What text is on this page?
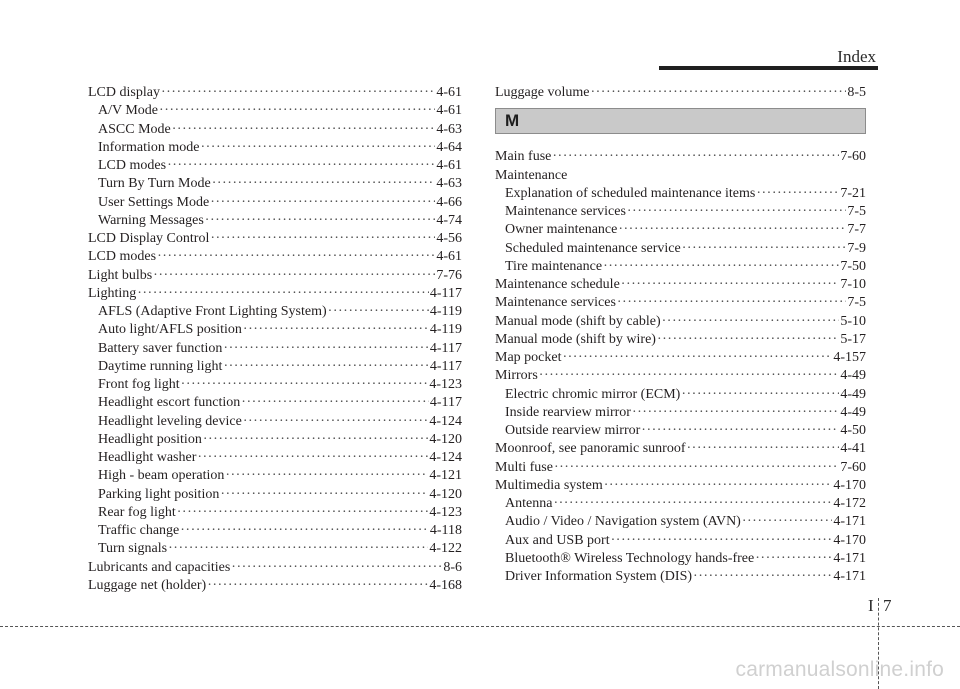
Index
LCD display ·····	4-61
A/V Mode ·····	4-61
ASCC Mode ·····	4-63
Information mode ·····	4-64
LCD modes ·····	4-61
Turn By Turn Mode ·····	4-63
User Settings Mode ·····	4-66
Warning Messages ·····	4-74
LCD Display Control ·····	4-56
LCD modes ·····	4-61
Light bulbs ·····	7-76
Lighting ·····	4-117
AFLS (Adaptive Front Lighting System) ·····	4-119
Auto light/AFLS position ·····	4-119
Battery saver function ·····	4-117
Daytime running light ·····	4-117
Front fog light ·····	4-123
Headlight escort function ·····	4-117
Headlight leveling device ·····	4-124
Headlight position ·····	4-120
Headlight washer ·····	4-124
High - beam operation ·····	4-121
Parking light position ·····	4-120
Rear fog light ·····	4-123
Traffic change ·····	4-118
Turn signals ·····	4-122
Lubricants and capacities ·····	8-6
Luggage net (holder) ·····	4-168
Luggage volume ·····	8-5
M
Main fuse ·····	7-60
Maintenance
Explanation of scheduled maintenance items ·····	7-21
Maintenance services ·····	7-5
Owner maintenance ·····	7-7
Scheduled maintenance service ·····	7-9
Tire maintenance ·····	7-50
Maintenance schedule ·····	7-10
Maintenance services ·····	7-5
Manual mode (shift by cable) ·····	5-10
Manual mode (shift by wire) ·····	5-17
Map pocket ·····	4-157
Mirrors ·····	4-49
Electric chromic mirror (ECM) ·····	4-49
Inside rearview mirror ·····	4-49
Outside rearview mirror ·····	4-50
Moonroof, see panoramic sunroof ·····	4-41
Multi fuse ·····	7-60
Multimedia system ·····	4-170
Antenna ·····	4-172
Audio / Video / Navigation system (AVN) ·····	4-171
Aux and USB port ·····	4-170
Bluetooth® Wireless Technology hands-free ·····	4-171
Driver Information System (DIS) ·····	4-171
I 7
carmanualsonline.info
